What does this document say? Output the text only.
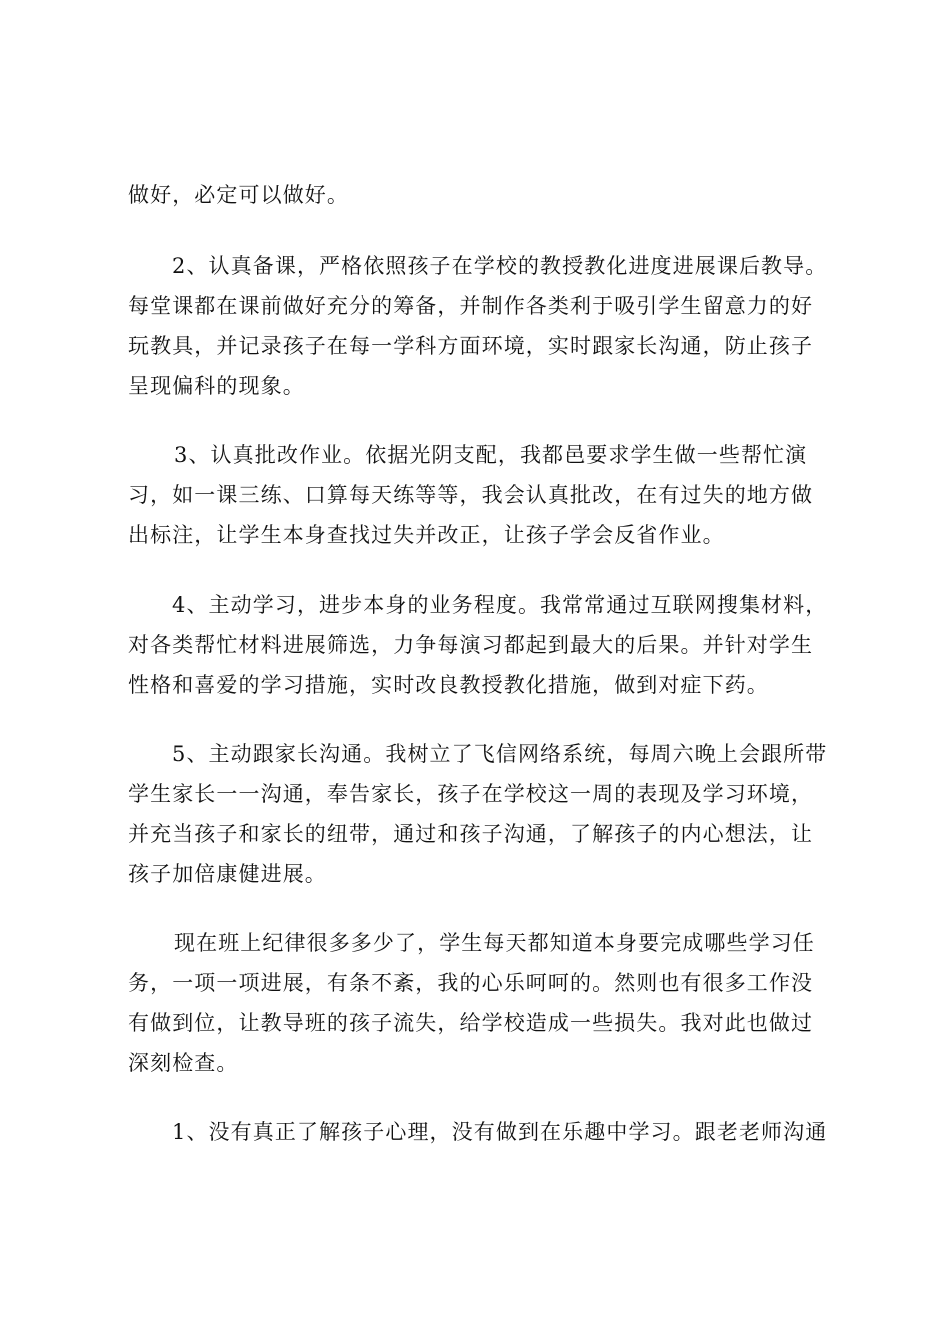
做好，必定可以做好。
2、认真备课，严格依照孩子在学校的教授教化进度进展课后教导。
每堂课都在课前做好充分的筹备，并制作各类利于吸引学生留意力的好
玩教具，并记录孩子在每一学科方面环境，实时跟家长沟通，防止孩子
呈现偏科的现象。
3、认真批改作业。依据光阴支配，我都邑要求学生做一些帮忙演
习，如一课三练、口算每天练等等，我会认真批改，在有过失的地方做
出标注，让学生本身查找过失并改正，让孩子学会反省作业。
4、主动学习，进步本身的业务程度。我常常通过互联网搜集材料，
对各类帮忙材料进展筛选，力争每演习都起到最大的后果。并针对学生
性格和喜爱的学习措施，实时改良教授教化措施，做到对症下药。
5、主动跟家长沟通。我树立了飞信网络系统，每周六晚上会跟所带
学生家长一一沟通，奉告家长，孩子在学校这一周的表现及学习环境，
并充当孩子和家长的纽带，通过和孩子沟通，了解孩子的内心想法，让
孩子加倍康健进展。
现在班上纪律很多多少了，学生每天都知道本身要完成哪些学习任
务，一项一项进展，有条不紊，我的心乐呵呵的。然则也有很多工作没
有做到位，让教导班的孩子流失，给学校造成一些损失。我对此也做过
深刻检查。
1、没有真正了解孩子心理，没有做到在乐趣中学习。跟老老师沟通
